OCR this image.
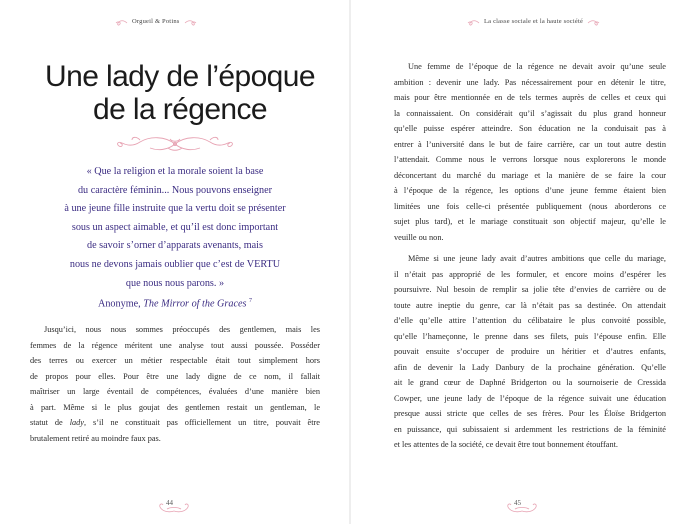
Orgueil & Potins
Une lady de l’époque
de la régence
« Que la religion et la morale soient la base
du caractère féminin... Nous pouvons enseigner
à une jeune fille instruite que la vertu doit se présenter
sous un aspect aimable, et qu’il est donc important
de savoir s’orner d’apparats avenants, mais
nous ne devons jamais oublier que c’est de VERTU
que nous nous parons. »
Anonyme, The Mirror of the Graces $^7$

Jusqu’ici, nous nous sommes préoccupés des gentlemen, mais les

femmes de la régence méritent une analyse tout aussi poussée. Posséder
des terres ou exercer un métier respectable était tout simplement hors
de propos pour elles. Pour être une lady digne de ce nom, il fallait
maîtriser un large éventail de compétences, évaluées d’une manière bien
à part. Même si le plus goujat des gentlemen restait un gentleman, le
statut de lady, s’il ne constituait pas officiellement un titre, pouvait être
brutalement retiré au moindre faux pas.
44
La classe sociale et la haute société

Une femme de l’époque de la régence ne devait avoir qu’une seule

ambition : devenir une lady. Pas nécessairement pour en détenir le titre,
mais pour être mentionnée en de tels termes auprès de celles et ceux qui
la connaissaient. On considérait qu’il s’agissait du plus grand honneur
qu’elle puisse espérer atteindre. Son éducation ne la conduisait pas à
entrer à l’université dans le but de faire carrière, car un tout autre destin
l’attendait. Comme nous le verrons lorsque nous explorerons le monde
déconcertant du marché du mariage et la manière de se faire la cour
à l’époque de la régence, les options d’une jeune femme étaient bien
limitées une fois celle-ci présentée publiquement (nous aborderons ce
sujet plus tard), et le mariage constituait son objectif majeur, qu’elle le
veuille ou non.

Même si une jeune lady avait d’autres ambitions que celle du mariage,

il n’était pas approprié de les formuler, et encore moins d’espérer les
poursuivre. Nul besoin de remplir sa jolie tête d’envies de carrière ou de
toute autre ineptie du genre, car là n’était pas sa destinée. On attendait
d’elle qu’elle attire l’attention du célibataire le plus convoité possible,
qu’elle l’hameçonne, le prenne dans ses filets, puis l’épouse enfin. Elle
pouvait ensuite s’occuper de produire un héritier et d’autres enfants,
afin de devenir la Lady Danbury de la prochaine génération. Qu’elle
ait le grand cœur de Daphné Bridgerton ou la sournoiserie de Cressida
Cowper, une jeune lady de l’époque de la régence suivait une éducation
presque aussi stricte que celles de ses frères. Pour les Éloïse Bridgerton
en puissance, qui subissaient si ardemment les restrictions de la féminité
et les attentes de la société, ce devait être tout bonnement étouffant.
45
